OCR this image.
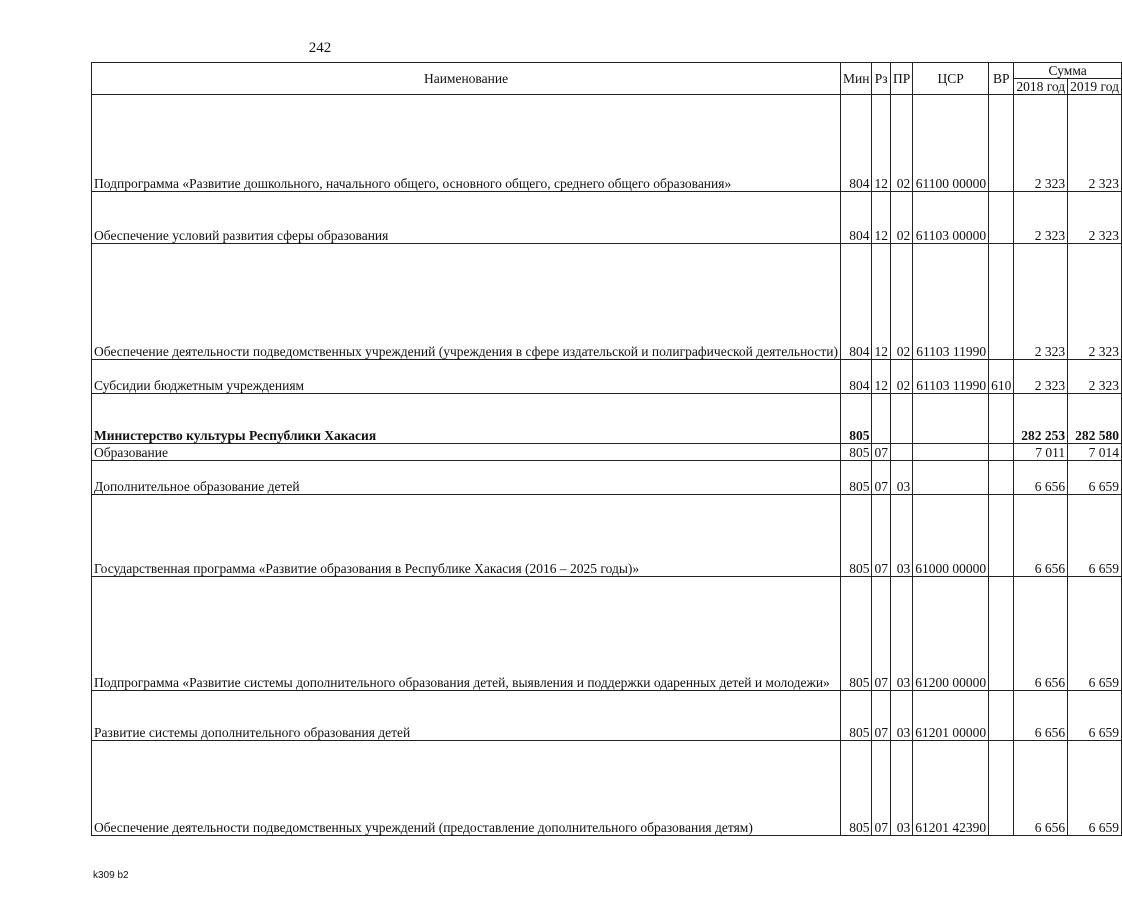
242
Наименование	Мин	Рз	ПР	ЦСР	ВР	Сумма	
						2018 год	2019 год
Подпрограмма «Развитие дошкольного, начального общего, основного общего, среднего общего образования»	804	12	02	61100 00000		2 323	2 323
Обеспечение условий развития сферы образования	804	12	02	61103 00000		2 323	2 323
Обеспечение деятельности подведомственных учреждений (учреждения в сфере издательской и полиграфической деятельности)	804	12	02	61103 11990		2 323	2 323
Субсидии бюджетным учреждениям	804	12	02	61103 11990	610	2 323	2 323
Министерство культуры Республики Хакасия	805					282 253	282 580
Образование	805	07				7 011	7 014
Дополнительное образование детей	805	07	03			6 656	6 659
Государственная программа «Развитие образования в Республике Хакасия (2016 – 2025 годы)»	805	07	03	61000 00000		6 656	6 659
Подпрограмма «Развитие системы дополнительного образования детей, выявления и поддержки одаренных детей и молодежи»	805	07	03	61200 00000		6 656	6 659
Развитие системы дополнительного образования детей	805	07	03	61201 00000		6 656	6 659
Обеспечение деятельности подведомственных учреждений (предоставление дополнительного образования детям)	805	07	03	61201 42390		6 656	6 659
k309 b2
